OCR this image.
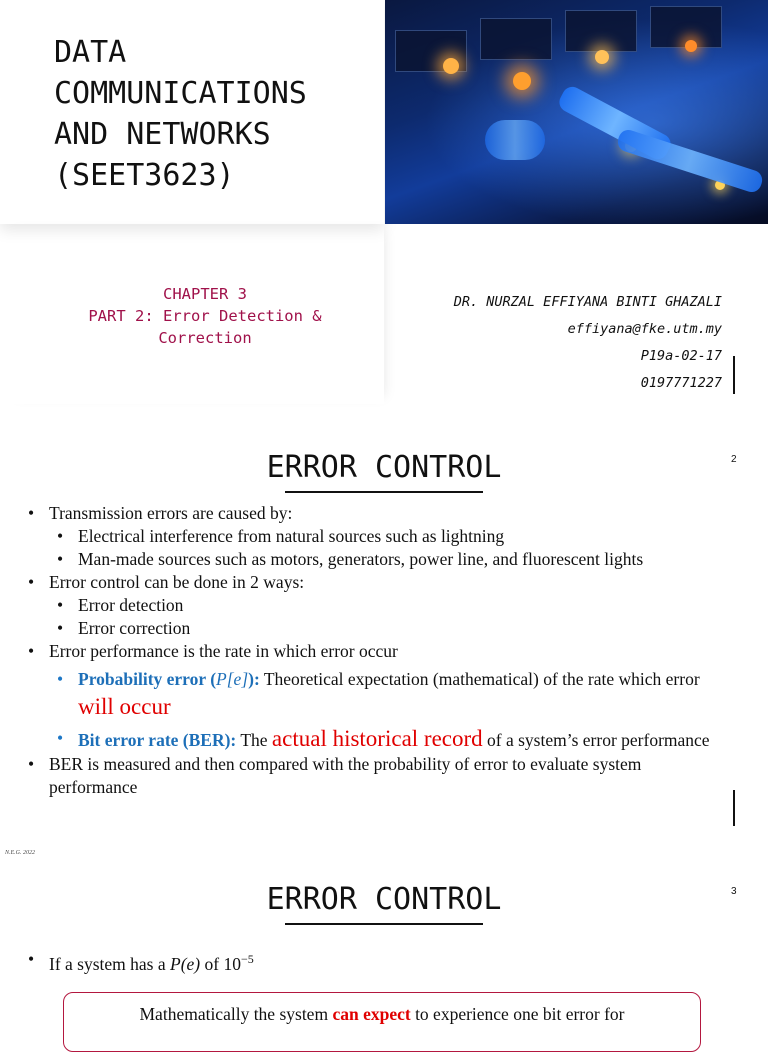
DATA
COMMUNICATIONS
AND NETWORKS
(SEET3623)
CHAPTER 3
PART 2: Error Detection &
Correction
DR. NURZAL EFFIYANA BINTI GHAZALI
effiyana@fke.utm.my
P19a-02-17
0197771227
ERROR CONTROL	2
• Transmission errors are caused by:
• Electrical interference from natural sources such as lightning
• Man-made sources such as motors, generators, power line, and fluorescent lights
• Error control can be done in 2 ways:
• Error detection
• Error correction
• Error performance is the rate in which error occur
• Probability error (P[e]): Theoretical expectation (mathematical) of the rate which error will occur
• Bit error rate (BER): The actual historical record of a system’s error performance
• BER is measured and then compared with the probability of error to evaluate system performance
N.E.G. 2022
ERROR CONTROL	3
• If a system has a P(e) of $10^{-5}$
Mathematically the system can expect to experience one bit error for
